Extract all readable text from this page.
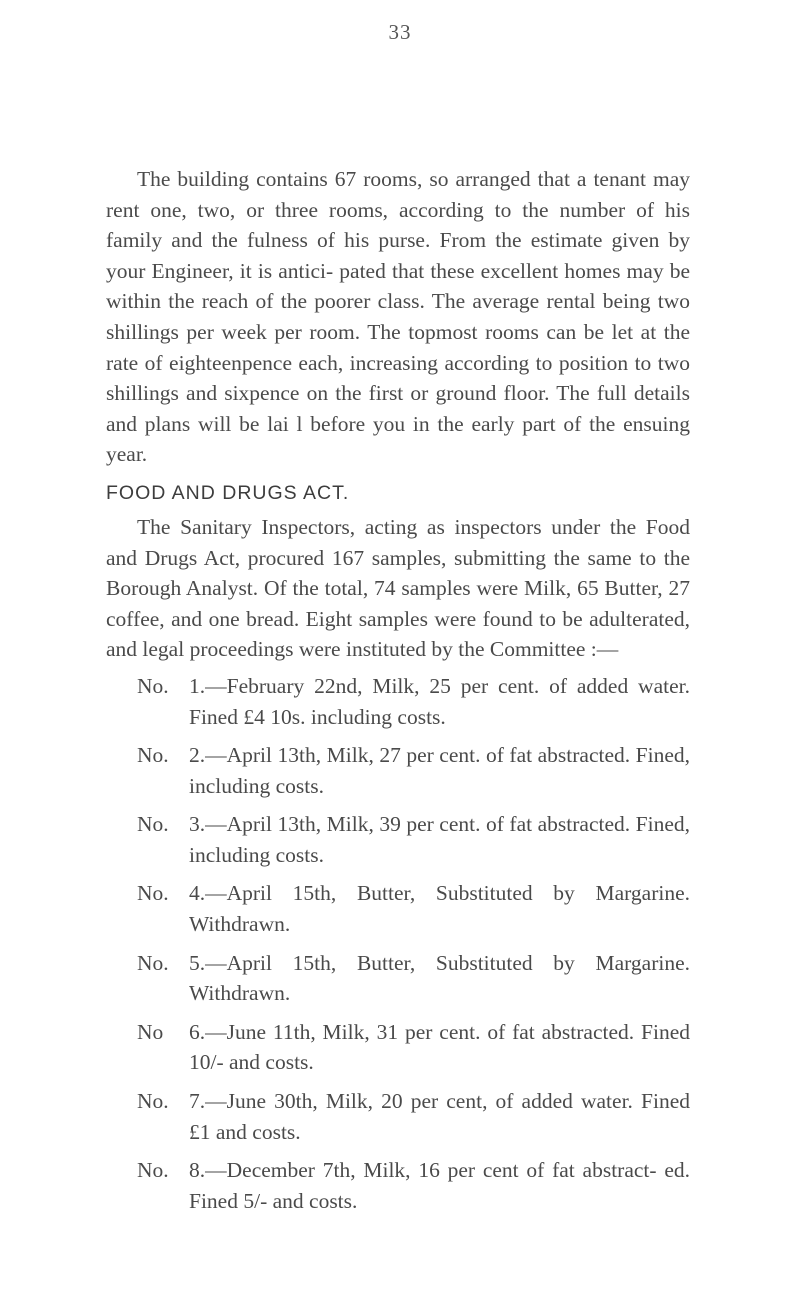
33

The building contains 67 rooms, so arranged that a tenant may rent one, two, or three rooms, according to the number of his family and the fulness of his purse. From the estimate given by your Engineer, it is antici- pated that these excellent homes may be within the reach of the poorer class. The average rental being two shillings per week per room. The topmost rooms can be let at the rate of eighteenpence each, increasing according to position to two shillings and sixpence on the first or ground floor. The full details and plans will be lai l before you in the early part of the ensuing year.

FOOD AND DRUGS ACT.

The Sanitary Inspectors, acting as inspectors under the Food and Drugs Act, procured 167 samples, submitting the same to the Borough Analyst. Of the total, 74 samples were Milk, 65 Butter, 27 coffee, and one bread. Eight samples were found to be adulterated, and legal proceedings were instituted by the Committee :—

No. 1.—February 22nd, Milk, 25 per cent. of added water. Fined £4 10s. including costs.
No. 2.—April 13th, Milk, 27 per cent. of fat abstracted. Fined, including costs.
No. 3.—April 13th, Milk, 39 per cent. of fat abstracted. Fined, including costs.
No. 4.—April 15th, Butter, Substituted by Margarine. Withdrawn.
No. 5.—April 15th, Butter, Substituted by Margarine. Withdrawn.
No	6.—June 11th, Milk, 31 per cent. of fat abstracted. Fined 10/- and costs.
No. 7.—June 30th, Milk, 20 per cent, of added water. Fined £1 and costs.
No. 8.—December 7th, Milk, 16 per cent of fat abstract- ed. Fined 5/- and costs.
